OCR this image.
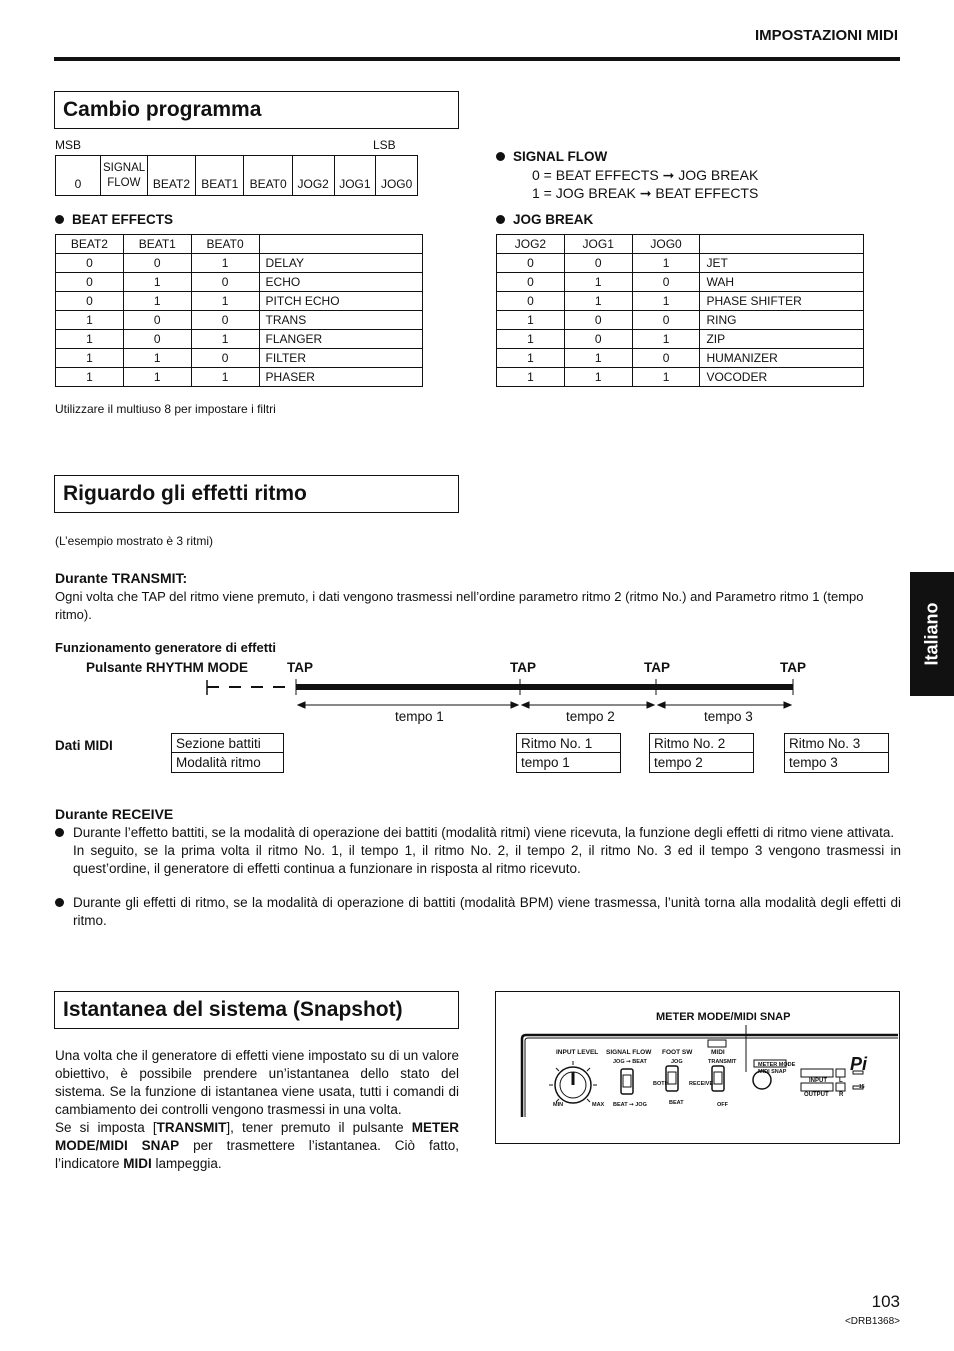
IMPOSTAZIONI MIDI
Cambio programma
MSB	LSB
0	SIGNAL FLOW	BEAT2	BEAT1	BEAT0	JOG2	JOG1	JOG0
SIGNAL FLOW
0 = BEAT EFFECTS ➞ JOG BREAK
1 = JOG BREAK ➞ BEAT EFFECTS
BEAT EFFECTS
BEAT2	BEAT1	BEAT0	
0	0	1	DELAY
0	1	0	ECHO
0	1	1	PITCH ECHO
1	0	0	TRANS
1	0	1	FLANGER
1	1	0	FILTER
1	1	1	PHASER
JOG BREAK
JOG2	JOG1	JOG0	
0	0	1	JET
0	1	0	WAH
0	1	1	PHASE SHIFTER
1	0	0	RING
1	0	1	ZIP
1	1	0	HUMANIZER
1	1	1	VOCODER
Utilizzare il multiuso 8 per impostare i filtri
Riguardo gli effetti ritmo
(L’esempio mostrato è 3 ritmi)
Durante TRANSMIT:
Ogni volta che TAP del ritmo viene premuto, i dati vengono trasmessi nell’ordine parametro ritmo 2 (ritmo No.) and Parametro ritmo 1 (tempo ritmo).
Funzionamento generatore di effetti
Pulsante RHYTHM MODE	TAP	TAP	TAP	TAP
tempo 1	tempo 2	tempo 3
Dati MIDI	Sezione battiti
Modalità ritmo
Ritmo No. 1
tempo 1
Ritmo No. 2
tempo 2
Ritmo No. 3
tempo 3
Durante RECEIVE
Durante l’effetto battiti, se la modalità di operazione dei battiti (modalità ritmi) viene ricevuta, la funzione degli effetti di ritmo viene attivata.
In seguito, se la prima volta il ritmo No. 1, il tempo 1, il ritmo No. 2, il tempo 2, il ritmo No. 3 ed il tempo 3 vengono trasmessi in quest’ordine, il generatore di effetti continua a funzionare in risposta al ritmo ricevuto.
Durante gli effetti di ritmo, se la modalità di operazione di battiti (modalità BPM) viene trasmessa, l’unità torna alla modalità degli effetti di ritmo.
Istantanea del sistema (Snapshot)
Una volta che il generatore di effetti viene impostato su di un valore obiettivo, è possibile prendere un’istantanea dello stato del sistema. Se la funzione di istantanea viene usata, tutti i comandi di cambiamento dei controlli vengono trasmessi in una volta.
Se si imposta [TRANSMIT], tener premuto il pulsante METER MODE/MIDI SNAP per trasmettere l’istantanea. Ciò fatto, l’indicatore MIDI lampeggia.
METER MODE/MIDI SNAP
INPUT LEVEL SIGNAL FLOW FOOT SW	MIDI
JOG ➞ BEAT	JOG	TRANSMIT
BOTH	RECEIVE
MIN	MAX BEAT ➞ JOG	BEAT	OFF
METER MODE
MIDI SNAP
INPUT
OUTPUT
L
R
−15
Pi
Italiano
103
<DRB1368>
